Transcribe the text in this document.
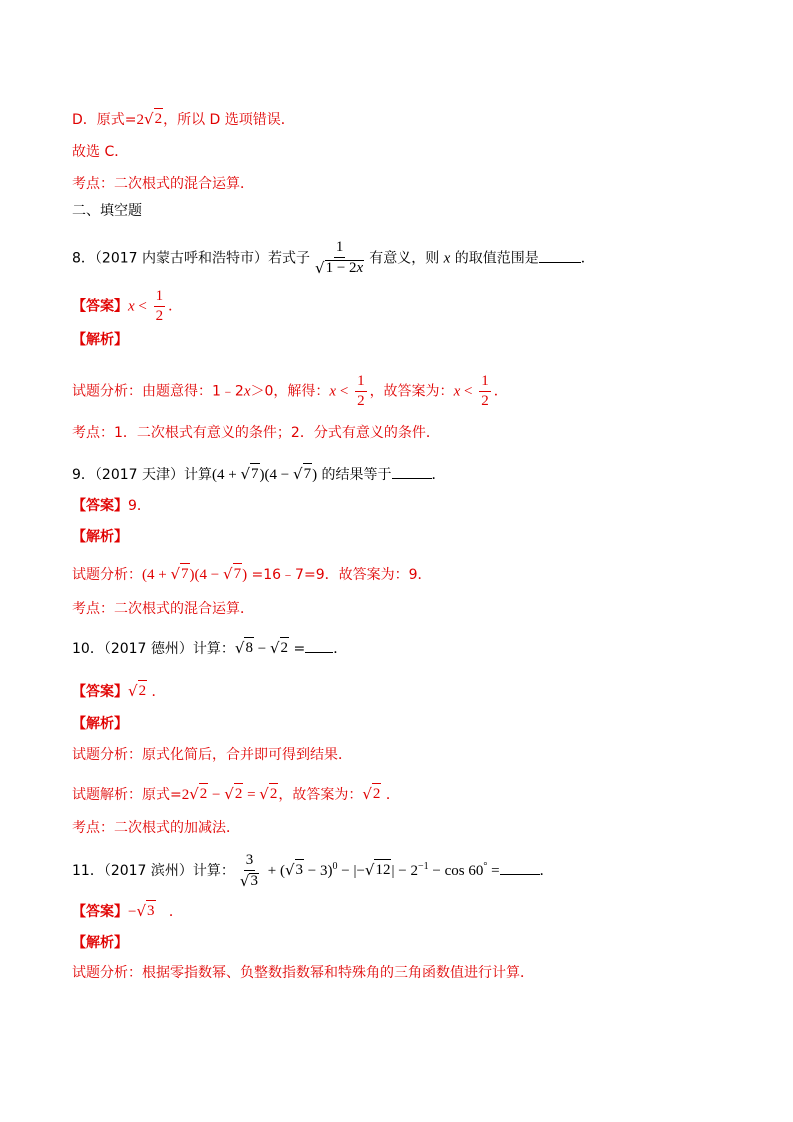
D．原式=2 √ 2 ，所以 D 选项错误．
故选 C．
考点：二次根式的混合运算．
二、填空题
8．（2017 内蒙古呼和浩特市）若式子 $\frac{1}{√ 1 - 2x}$ 有意义，则 x 的取值范围是	．
【答案】$x < \frac{1}{2}$ ．
【解析】
试题分析：由题意得：1﹣2x＞0，解得：$x < \frac{1}{2}$ ，故答案为：$x < \frac{1}{2}$ ．
考点：1．二次根式有意义的条件；2．分式有意义的条件．
9．（2017 天津）计算(4 + √ 7 )(4 − √ 7 ) 的结果等于	．
【答案】9．
【解析】
试题分析：(4 + √ 7 )(4 − √ 7 ) =16﹣7=9．故答案为：9．
考点：二次根式的混合运算．
10．（2017 德州）计算： √ 8 − √ 2 = ．
【答案】 √ 2 ．
【解析】
试题分析：原式化简后，合并即可得到结果．
试题解析：原式=2 √ 2 − √ 2 = √ 2 ，故答案为： √ 2 ．
考点：二次根式的加减法．
11．（2017 滨州）计算： $\frac{3}{√ 3}$ + ( √ 3 − 3)$^0$ − |− √ 12 | − $2^{-1} - \cos 60^\circ$ =	．
【答案】− √ 3 ．
【解析】
试题分析：根据零指数幂、负整数指数幂和特殊角的三角函数值进行计算．
